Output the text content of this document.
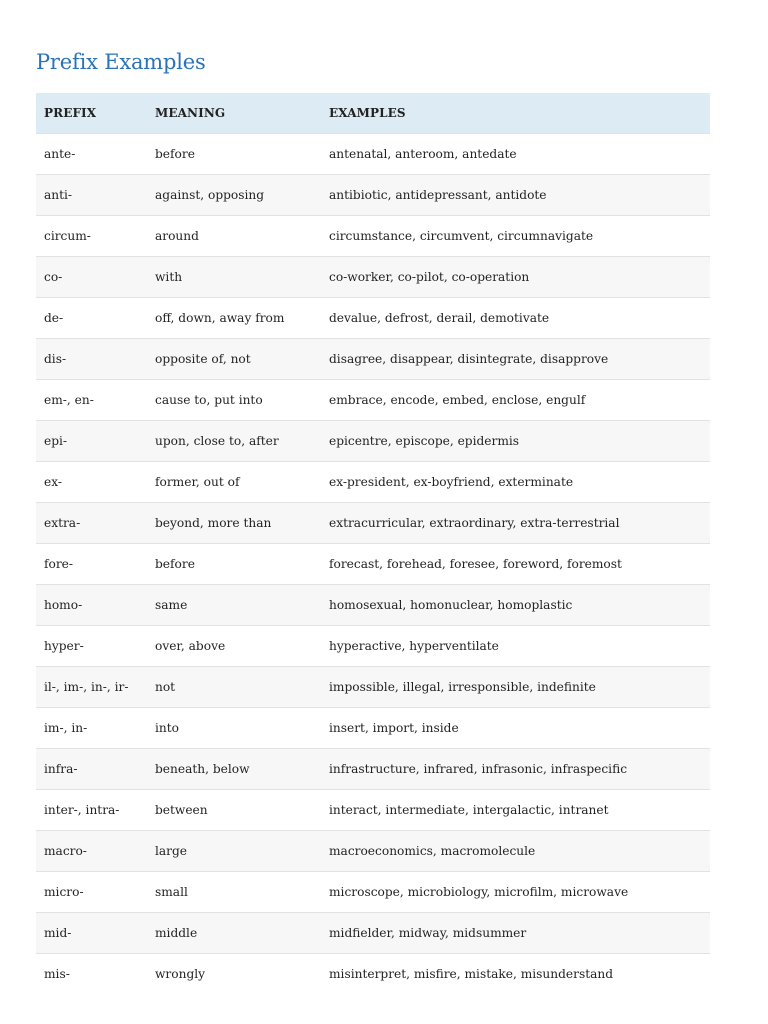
Prefix Examples
PREFIX	MEANING	EXAMPLES
ante-	before	antenatal, anteroom, antedate
anti-	against, opposing	antibiotic, antidepressant, antidote
circum-	around	circumstance, circumvent, circumnavigate
co-	with	co-worker, co-pilot, co-operation
de-	off, down, away from	devalue, defrost, derail, demotivate
dis-	opposite of, not	disagree, disappear, disintegrate, disapprove
em-, en-	cause to, put into	embrace, encode, embed, enclose, engulf
epi-	upon, close to, after	epicentre, episcope, epidermis
ex-	former, out of	ex-president, ex-boyfriend, exterminate
extra-	beyond, more than	extracurricular, extraordinary, extra-terrestrial
fore-	before	forecast, forehead, foresee, foreword, foremost
homo-	same	homosexual, homonuclear, homoplastic
hyper-	over, above	hyperactive, hyperventilate
il-, im-, in-, ir-	not	impossible, illegal, irresponsible, indefinite
im-, in-	into	insert, import, inside
infra-	beneath, below	infrastructure, infrared, infrasonic, infraspecific
inter-, intra-	between	interact, intermediate, intergalactic, intranet
macro-	large	macroeconomics, macromolecule
micro-	small	microscope, microbiology, microfilm, microwave
mid-	middle	midfielder, midway, midsummer
mis-	wrongly	misinterpret, misfire, mistake, misunderstand
